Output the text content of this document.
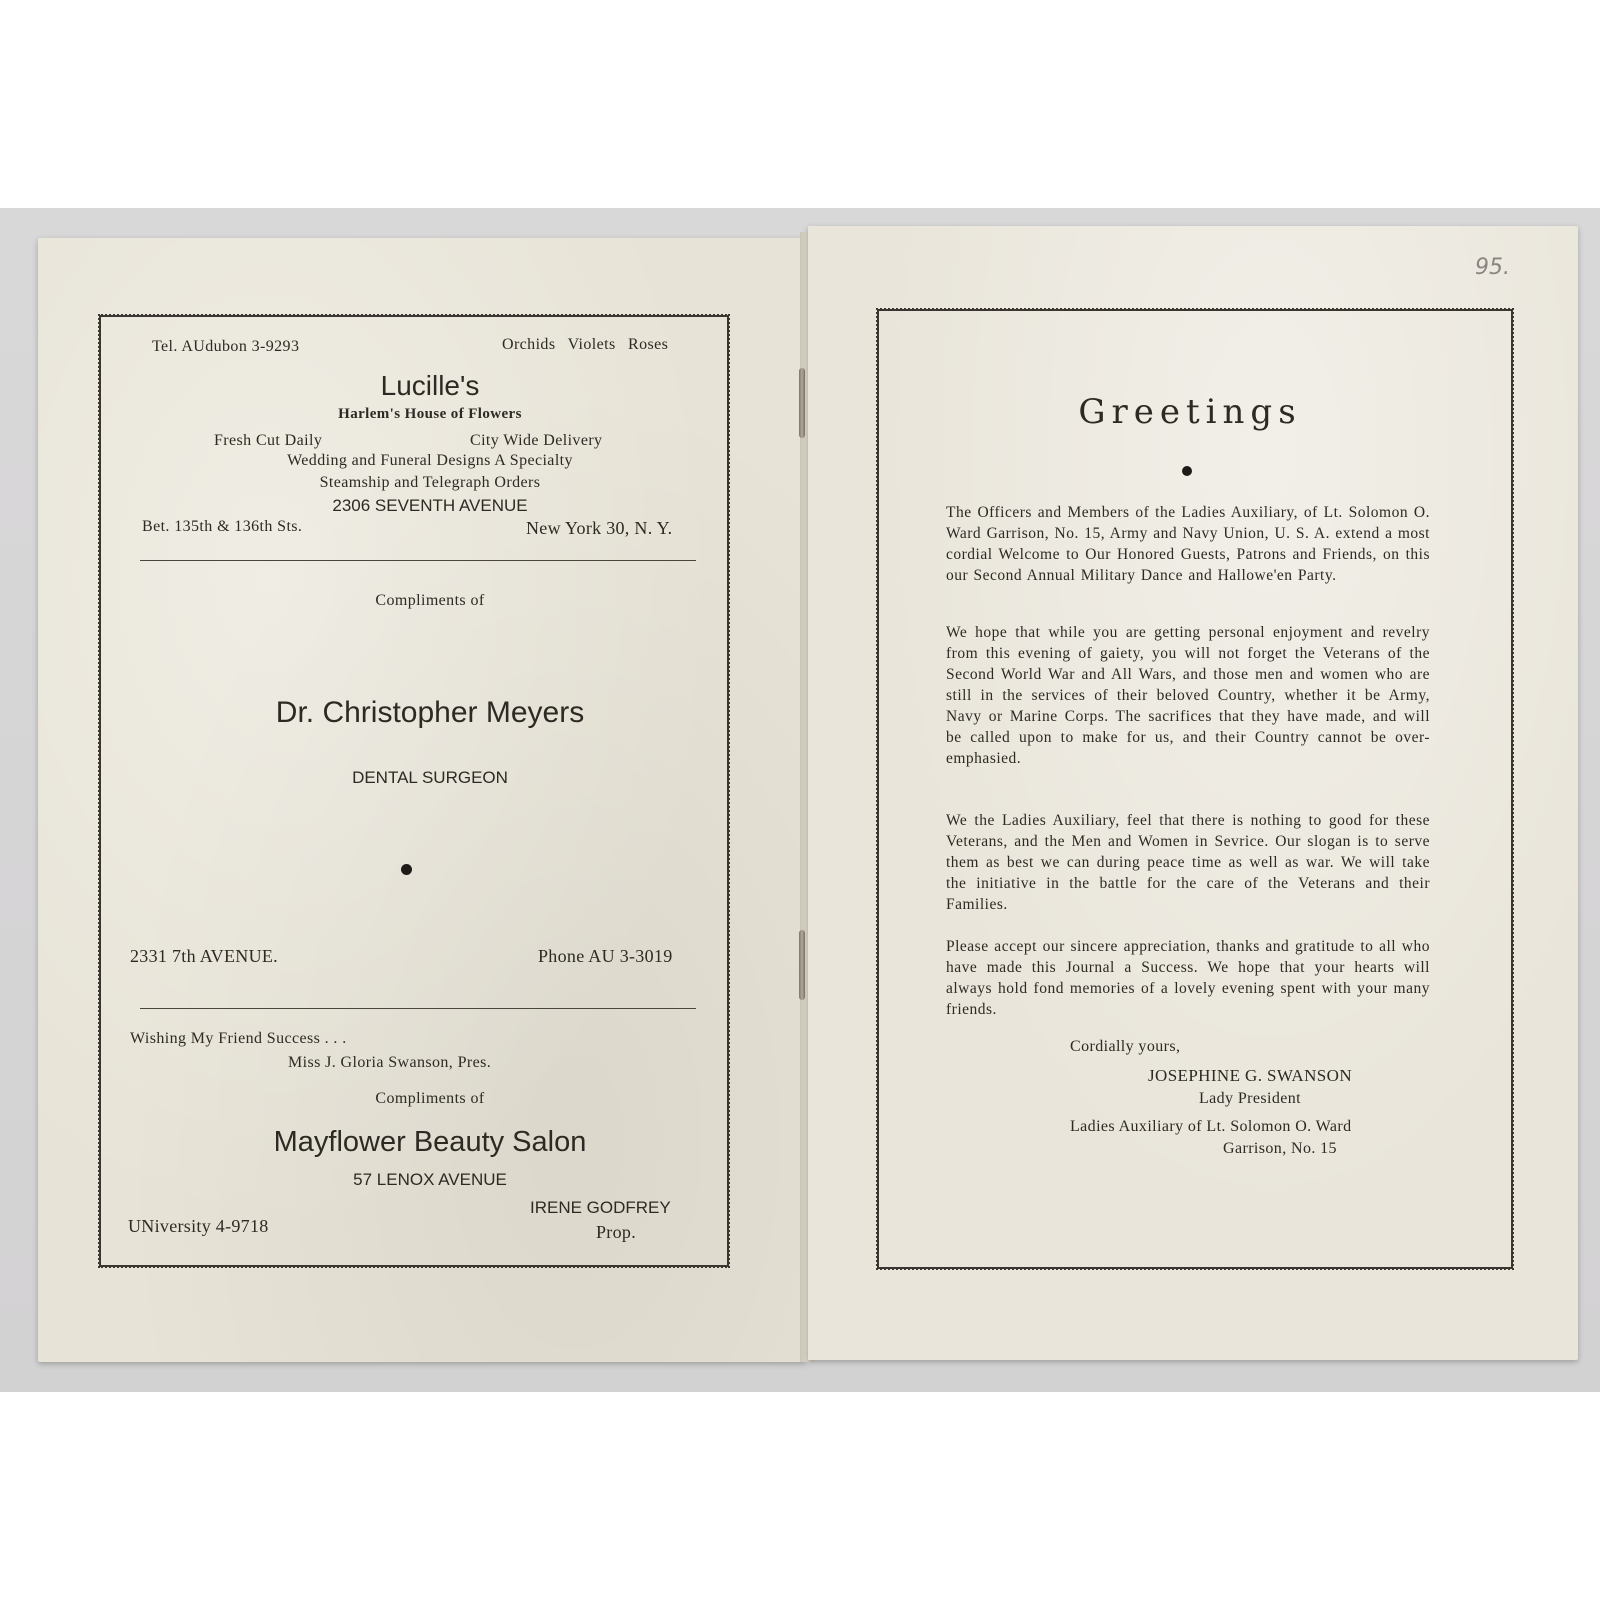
95.
Tel. AUdubon 3-9293	Orchids Violets Roses
Lucille's
Harlem's House of Flowers
Fresh Cut Daily	City Wide Delivery
Wedding and Funeral Designs A Specialty
Steamship and Telegraph Orders
2306 SEVENTH AVENUE
Bet. 135th & 136th Sts.	New York 30, N. Y.
Compliments of
Dr. Christopher Meyers
DENTAL SURGEON
2331 7th AVENUE.	Phone AU 3-3019
Wishing My Friend Success . . .
Miss J. Gloria Swanson, Pres.
Compliments of
Mayflower Beauty Salon
57 LENOX AVENUE
UNiversity 4-9718
IRENE GODFREY
Prop.
Greetings
The Officers and Members of the Ladies Auxiliary, of Lt. Solomon O. Ward Garrison, No. 15, Army and Navy Union, U. S. A. extend a most cordial Welcome to Our Honored Guests, Patrons and Friends, on this our Second Annual Military Dance and Hallowe'en Party.
We hope that while you are getting personal enjoyment and revelry from this evening of gaiety, you will not forget the Veterans of the Second World War and All Wars, and those men and women who are still in the services of their beloved Country, whether it be Army, Navy or Marine Corps. The sacrifices that they have made, and will be called upon to make for us, and their Country cannot be over-emphasied.
We the Ladies Auxiliary, feel that there is nothing to good for these Veterans, and the Men and Women in Sevrice. Our slogan is to serve them as best we can during peace time as well as war. We will take the initiative in the battle for the care of the Veterans and their Families.
Please accept our sincere appreciation, thanks and gratitude to all who have made this Journal a Success. We hope that your hearts will always hold fond memories of a lovely evening spent with your many friends.
Cordially yours,
JOSEPHINE G. SWANSON
Lady President
Ladies Auxiliary of Lt. Solomon O. Ward
Garrison, No. 15
